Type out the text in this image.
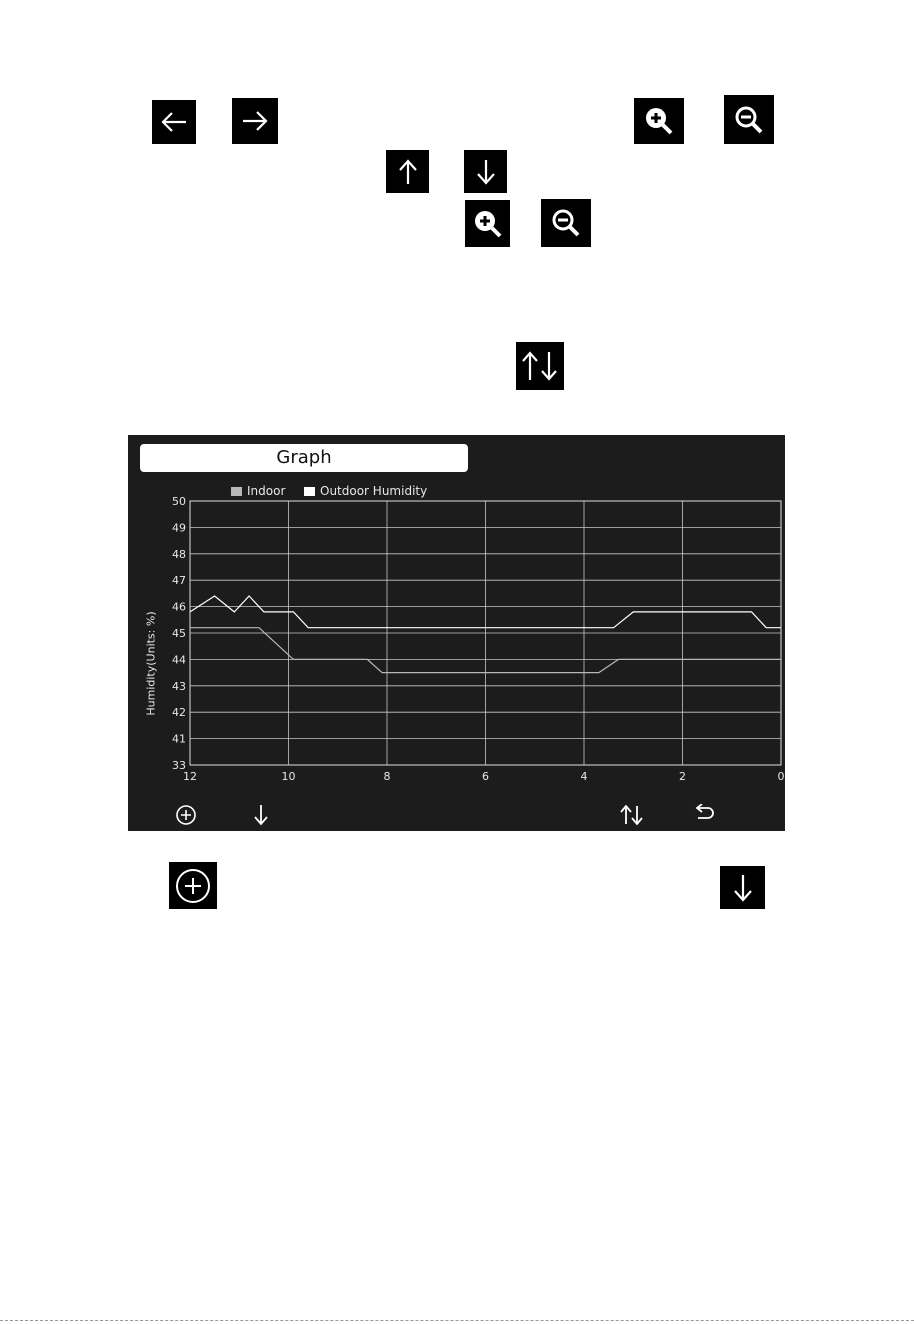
Graph
Indoor	Outdoor Humidity
Humidity(Units: %)
33
41
42
43
44
45
46
47
48
49
50
12	10	8	6	4	2	0
